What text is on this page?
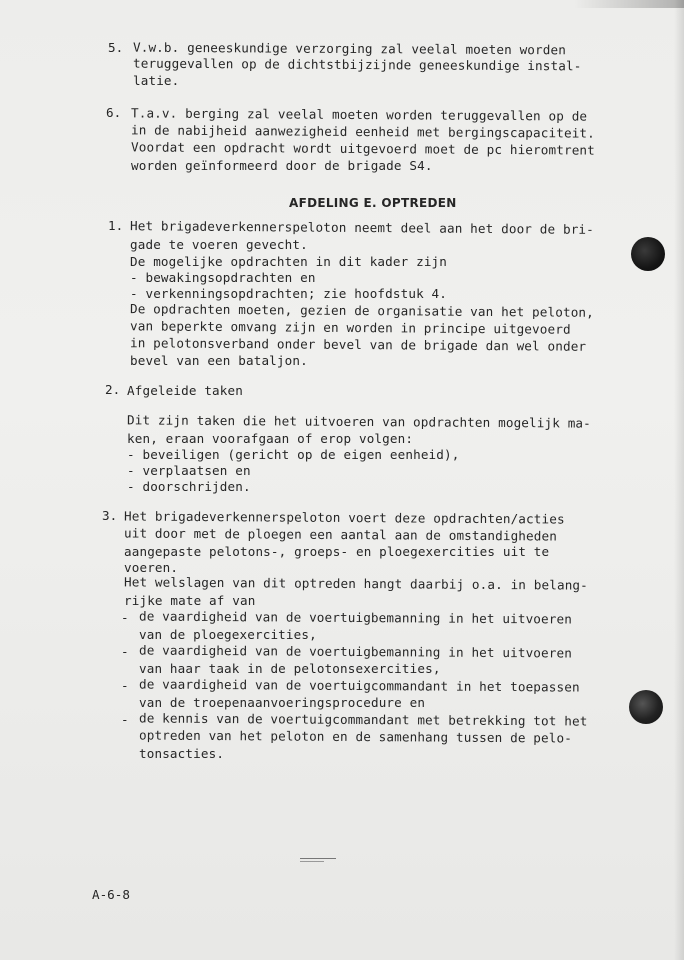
5. V.w.b. geneeskundige verzorging zal veelal moeten worden
teruggevallen op de dichtstbijzijnde geneeskundige instal-
latie.
6. T.a.v. berging zal veelal moeten worden teruggevallen op de
in de nabijheid aanwezigheid eenheid met bergingscapaciteit.
Voordat een opdracht wordt uitgevoerd moet de pc hieromtrent
worden geïnformeerd door de brigade S4.
AFDELING E. OPTREDEN
1. Het brigadeverkennerspeloton neemt deel aan het door de bri-
gade te voeren gevecht.
De mogelijke opdrachten in dit kader zijn
- bewakingsopdrachten en
- verkenningsopdrachten; zie hoofdstuk 4.
De opdrachten moeten, gezien de organisatie van het peloton,
van beperkte omvang zijn en worden in principe uitgevoerd
in pelotonsverband onder bevel van de brigade dan wel onder
bevel van een bataljon.
2. Afgeleide taken
Dit zijn taken die het uitvoeren van opdrachten mogelijk ma-
ken, eraan voorafgaan of erop volgen:
- beveiligen (gericht op de eigen eenheid),
- verplaatsen en
- doorschrijden.
3. Het brigadeverkennerspeloton voert deze opdrachten/acties
uit door met de ploegen een aantal aan de omstandigheden
aangepaste pelotons-, groeps- en ploegexercities uit te
voeren.
Het welslagen van dit optreden hangt daarbij o.a. in belang-
rijke mate af van
- de vaardigheid van de voertuigbemanning in het uitvoeren
van de ploegexercities,
- de vaardigheid van de voertuigbemanning in het uitvoeren
van haar taak in de pelotonsexercities,
- de vaardigheid van de voertuigcommandant in het toepassen
van de troepenaanvoeringsprocedure en
- de kennis van de voertuigcommandant met betrekking tot het
optreden van het peloton en de samenhang tussen de pelo-
tonsacties.
A-6-8
